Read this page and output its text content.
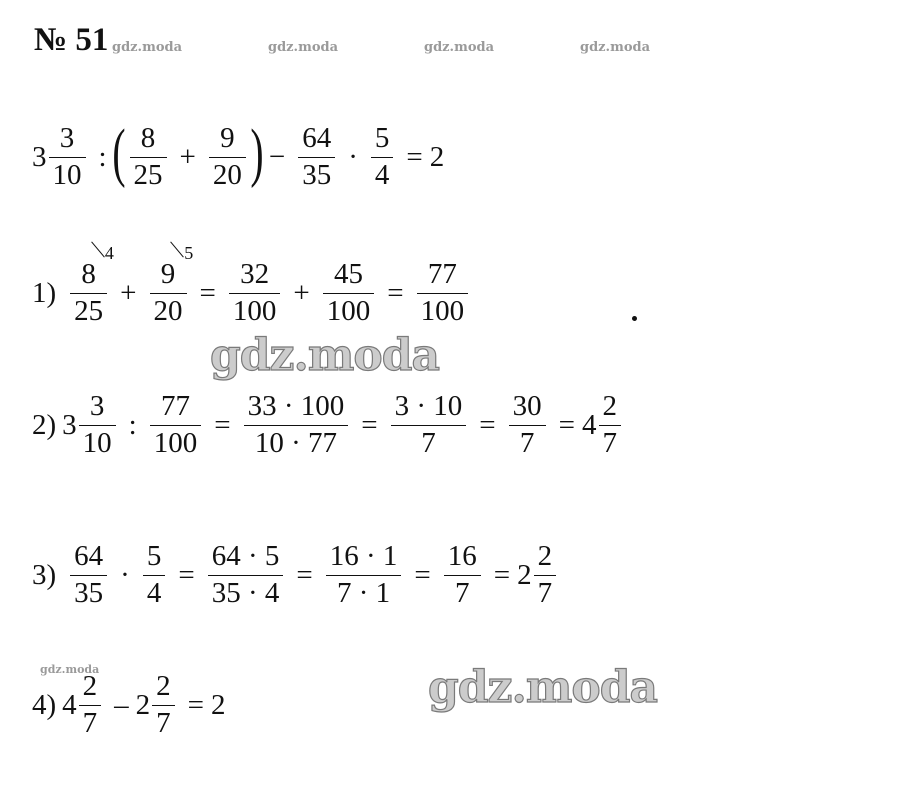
№ 51 gdz.moda	gdz.moda	gdz.moda	gdz.moda
gdz.moda
3
3
10
: ( 8
25
+
9
20 ) −
64
35
·
5
4
= 2
1)
8
4
25
+
9
5
20
=
32
100
+
45
100
=
77
100
gdz.moda
2) 3
3
10
:
77
100
=
33 · 100
10 · 77
=
3 · 10
7
=
30
7
= 4
2
7
3)
64
35
·
5
4
=
64 · 5
35 · 4
=
16 · 1
7 · 1
=
16
7
= 2
2
7
4) 4
2
7
– 2
2
7
= 2	gdz.moda
